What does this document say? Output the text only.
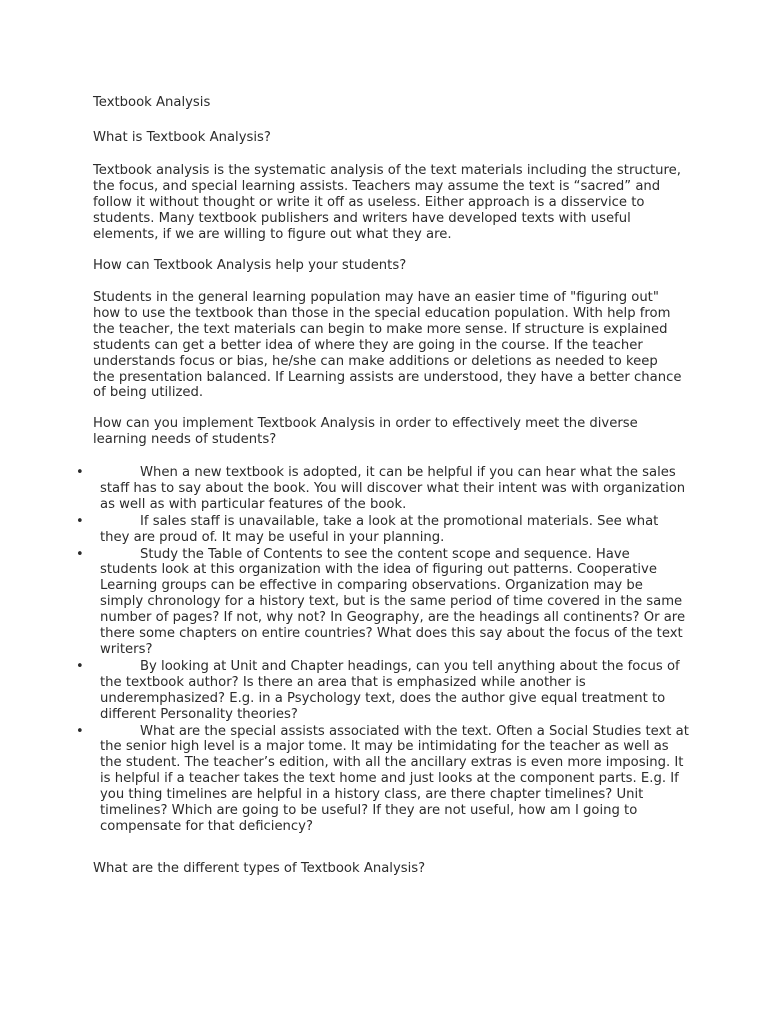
Textbook Analysis

What is Textbook Analysis?

Textbook analysis is the systematic analysis of the text materials including the structure, the focus, and special learning assists. Teachers may assume the text is “sacred” and follow it without thought or write it off as useless. Either approach is a disservice to students. Many textbook publishers and writers have developed texts with useful elements, if we are willing to figure out what they are.

How can Textbook Analysis help your students?

Students in the general learning population may have an easier time of "figuring out" how to use the textbook than those in the special education population. With help from the teacher, the text materials can begin to make more sense. If structure is explained students can get a better idea of where they are going in the course. If the teacher understands focus or bias, he/she can make additions or deletions as needed to keep the presentation balanced. If Learning assists are understood, they have a better chance of being utilized.

How can you implement Textbook Analysis in order to effectively meet the diverse learning needs of students?

•	When a new textbook is adopted, it can be helpful if you can hear what the sales staff has to say about the book. You will discover what their intent was with organization as well as with particular features of the book.
•	If sales staff is unavailable, take a look at the promotional materials. See what they are proud of. It may be useful in your planning.
•	Study the Table of Contents to see the content scope and sequence. Have students look at this organization with the idea of figuring out patterns. Cooperative Learning groups can be effective in comparing observations. Organization may be simply chronology for a history text, but is the same period of time covered in the same number of pages? If not, why not? In Geography, are the headings all continents? Or are there some chapters on entire countries? What does this say about the focus of the text writers?
•	By looking at Unit and Chapter headings, can you tell anything about the focus of the textbook author? Is there an area that is emphasized while another is underemphasized? E.g. in a Psychology text, does the author give equal treatment to different Personality theories?
•	What are the special assists associated with the text. Often a Social Studies text at the senior high level is a major tome. It may be intimidating for the teacher as well as the student. The teacher’s edition, with all the ancillary extras is even more imposing. It is helpful if a teacher takes the text home and just looks at the component parts. E.g. If you thing timelines are helpful in a history class, are there chapter timelines? Unit timelines? Which are going to be useful? If they are not useful, how am I going to compensate for that deficiency?

What are the different types of Textbook Analysis?
